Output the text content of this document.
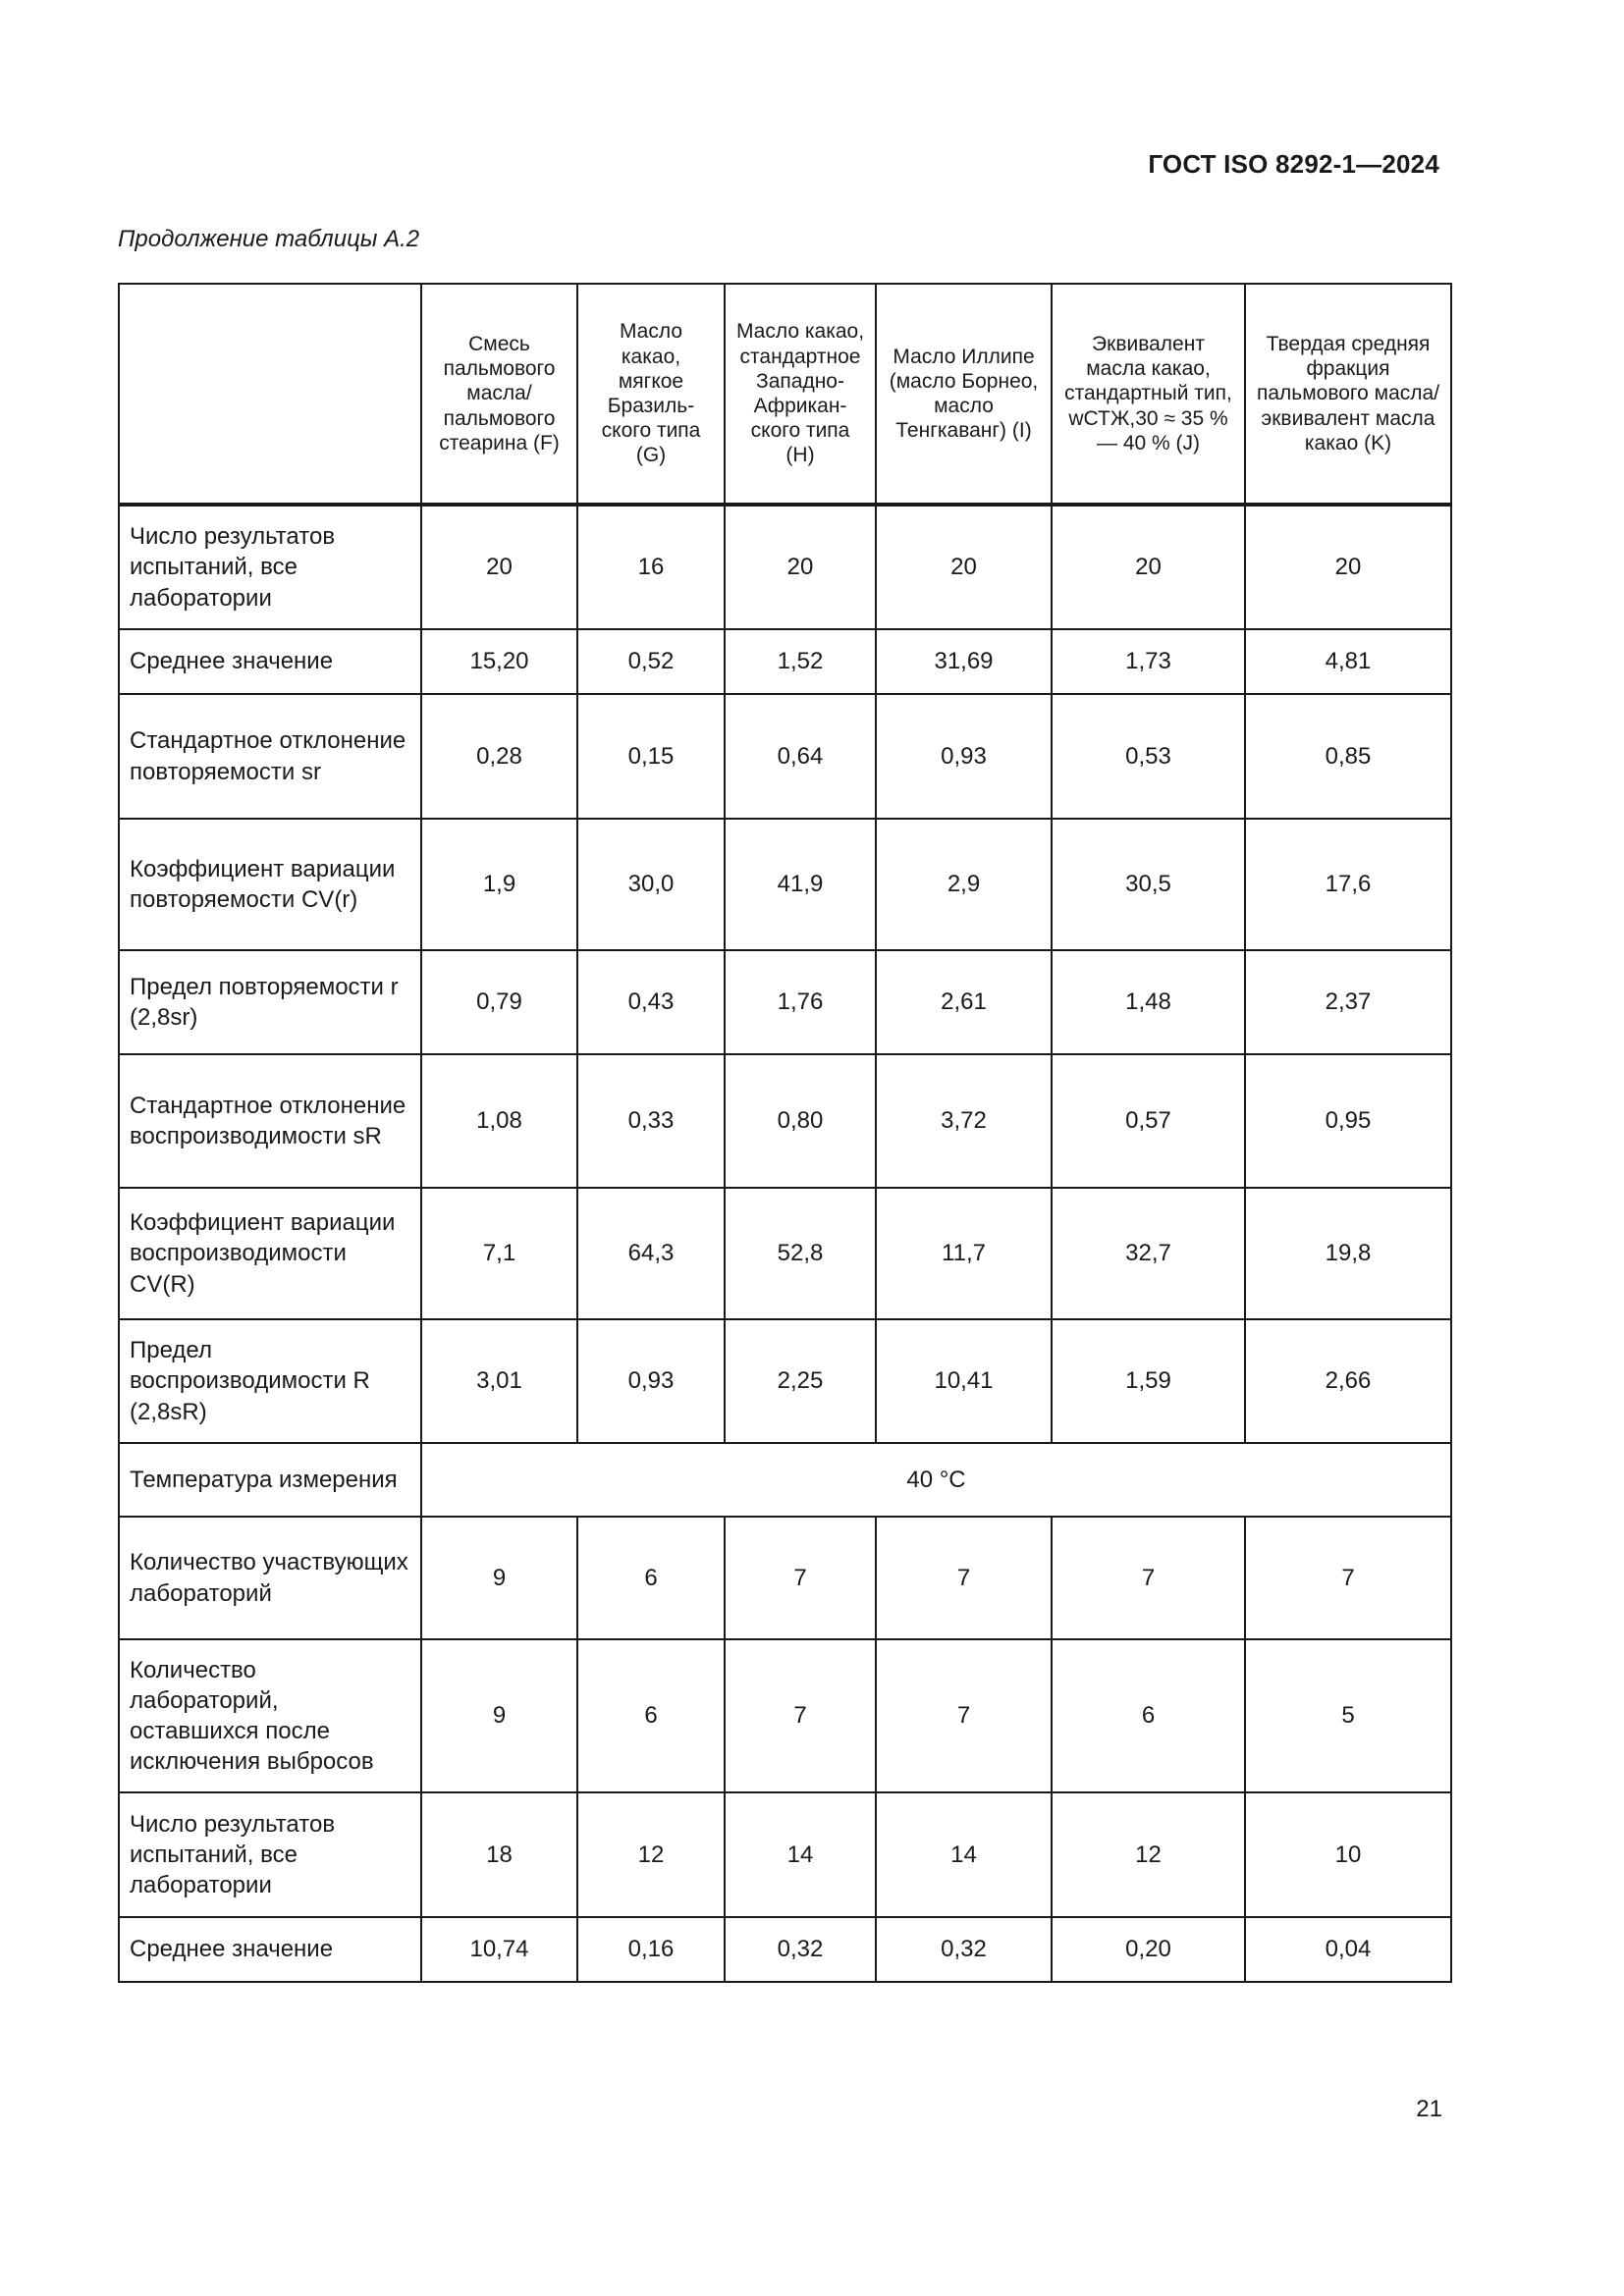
ГОСТ ISO 8292-1—2024
Продолжение таблицы А.2
	Смесь пальмового масла/ пальмового стеарина (F)	Масло какао, мягкое Бразиль-ского типа (G)	Масло какао, стандартное Западно-Африкан-ского типа (H)	Масло Иллипе (масло Борнео, масло Тенгкаванг) (I)	Эквивалент масла какао, стандартный тип, wСТЖ,30 ≈ 35 % — 40 % (J)	Твердая средняя фракция пальмового масла/ эквивалент масла какао (K)
Число результатов испытаний, все лаборатории	20	16	20	20	20	20
Среднее значение	15,20	0,52	1,52	31,69	1,73	4,81
Стандартное отклонение повторяемости sr	0,28	0,15	0,64	0,93	0,53	0,85
Коэффициент вариации повторяемости CV(r)	1,9	30,0	41,9	2,9	30,5	17,6
Предел повторяемости r (2,8sr)	0,79	0,43	1,76	2,61	1,48	2,37
Стандартное отклонение воспроизводимости sR	1,08	0,33	0,80	3,72	0,57	0,95
Коэффициент вариации воспроизводимости CV(R)	7,1	64,3	52,8	11,7	32,7	19,8
Предел воспроизводимости R (2,8sR)	3,01	0,93	2,25	10,41	1,59	2,66
Температура измерения	40 °C					
Количество участвующих лабораторий	9	6	7	7	7	7
Количество лабораторий, оставшихся после исключения выбросов	9	6	7	7	6	5
Число результатов испытаний, все лаборатории	18	12	14	14	12	10
Среднее значение	10,74	0,16	0,32	0,32	0,20	0,04
21
